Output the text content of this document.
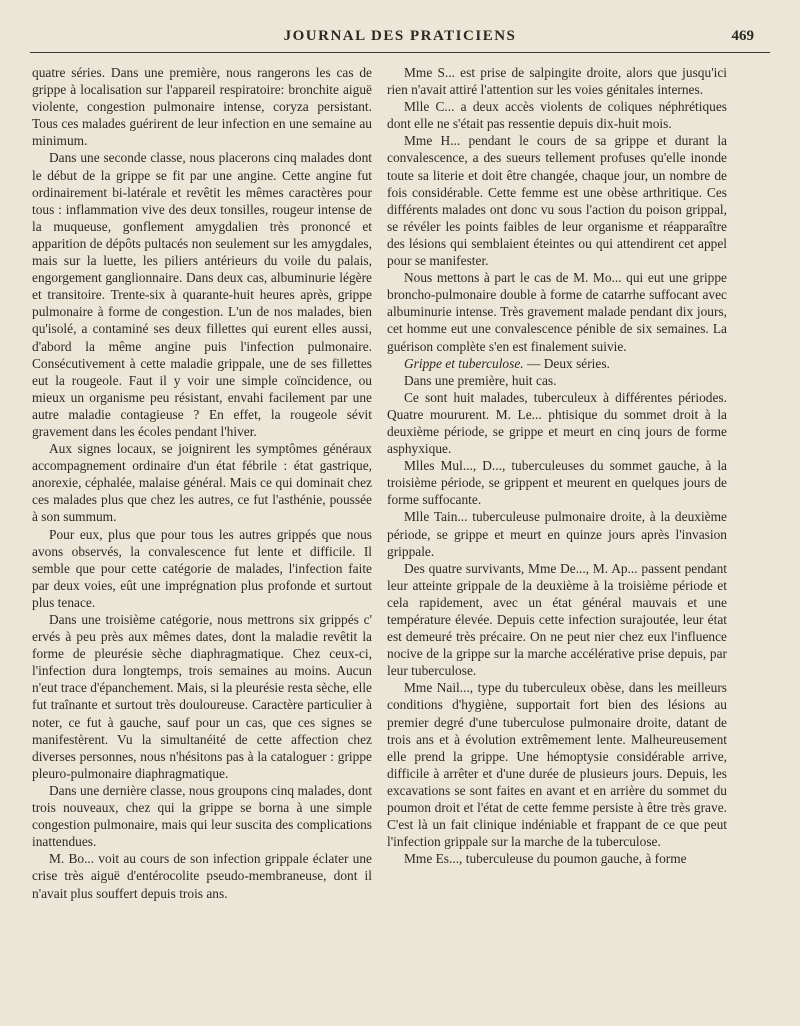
JOURNAL DES PRATICIENS	469

quatre séries. Dans une première, nous rangerons les cas de grippe à localisation sur l'appareil respiratoire: bronchite aiguë violente, congestion pulmonaire intense, coryza persistant. Tous ces malades guérirent de leur infection en une semaine au minimum.

Dans une seconde classe, nous placerons cinq malades dont le début de la grippe se fit par une angine. Cette angine fut ordinairement bi-latérale et revêtit les mêmes caractères pour tous : inflammation vive des deux tonsilles, rougeur intense de la muqueuse, gonflement amygdalien très prononcé et apparition de dépôts pultacés non seulement sur les amygdales, mais sur la luette, les piliers antérieurs du voile du palais, engorgement ganglionnaire. Dans deux cas, albuminurie légère et transitoire. Trente-six à quarante-huit heures après, grippe pulmonaire à forme de congestion. L'un de nos malades, bien qu'isolé, a contaminé ses deux fillettes qui eurent elles aussi, d'abord la même angine puis l'infection pulmonaire. Consécutivement à cette maladie grippale, une de ses fillettes eut la rougeole. Faut il y voir une simple coïncidence, ou mieux un organisme peu résistant, envahi facilement par une autre maladie contagieuse ? En effet, la rougeole sévit gravement dans les écoles pendant l'hiver.

Aux signes locaux, se joignirent les symptômes généraux accompagnement ordinaire d'un état fébrile : état gastrique, anorexie, céphalée, malaise général. Mais ce qui dominait chez ces malades plus que chez les autres, ce fut l'asthénie, poussée à son summum.

Pour eux, plus que pour tous les autres grippés que nous avons observés, la convalescence fut lente et difficile. Il semble que pour cette catégorie de malades, l'infection faite par deux voies, eût une imprégnation plus profonde et surtout plus tenace.

Dans une troisième catégorie, nous mettrons six grippés c' ervés à peu près aux mêmes dates, dont la maladie revêtit la forme de pleurésie sèche diaphragmatique. Chez ceux-ci, l'infection dura longtemps, trois semaines au moins. Aucun n'eut trace d'épanchement. Mais, si la pleurésie resta sèche, elle fut traînante et surtout très douloureuse. Caractère particulier à noter, ce fut à gauche, sauf pour un cas, que ces signes se manifestèrent. Vu la simultanéité de cette affection chez diverses personnes, nous n'hésitons pas à la cataloguer : grippe pleuro-pulmonaire diaphragmatique.

Dans une dernière classe, nous groupons cinq malades, dont trois nouveaux, chez qui la grippe se borna à une simple congestion pulmonaire, mais qui leur suscita des complications inattendues.

M. Bo... voit au cours de son infection grippale éclater une crise très aiguë d'entérocolite pseudo-membraneuse, dont il n'avait plus souffert depuis trois ans.

Mme S... est prise de salpingite droite, alors que jusqu'ici rien n'avait attiré l'attention sur les voies génitales internes.

Mlle C... a deux accès violents de coliques néphrétiques dont elle ne s'était pas ressentie depuis dix-huit mois.

Mme H... pendant le cours de sa grippe et durant la convalescence, a des sueurs tellement profuses qu'elle inonde toute sa literie et doit être changée, chaque jour, un nombre de fois considérable. Cette femme est une obèse arthritique. Ces différents malades ont donc vu sous l'action du poison grippal, se révéler les points faibles de leur organisme et réapparaître des lésions qui semblaient éteintes ou qui attendirent cet appel pour se manifester.

Nous mettons à part le cas de M. Mo... qui eut une grippe broncho-pulmonaire double à forme de catarrhe suffocant avec albuminurie intense. Très gravement malade pendant dix jours, cet homme eut une convalescence pénible de six semaines. La guérison complète s'en est finalement suivie.

Grippe et tuberculose. — Deux séries.

Dans une première, huit cas.

Ce sont huit malades, tuberculeux à différentes périodes. Quatre moururent. M. Le... phtisique du sommet droit à la deuxième période, se grippe et meurt en cinq jours de forme asphyxique.

Mlles Mul..., D..., tuberculeuses du sommet gauche, à la troisième période, se grippent et meurent en quelques jours de forme suffocante.

Mlle Tain... tuberculeuse pulmonaire droite, à la deuxième période, se grippe et meurt en quinze jours après l'invasion grippale.

Des quatre survivants, Mme De..., M. Ap... passent pendant leur atteinte grippale de la deuxième à la troisième période et cela rapidement, avec un état général mauvais et une température élevée. Depuis cette infection surajoutée, leur état est demeuré très précaire. On ne peut nier chez eux l'influence nocive de la grippe sur la marche accélérative prise depuis, par leur tuberculose.

Mme Nail..., type du tuberculeux obèse, dans les meilleurs conditions d'hygiène, supportait fort bien des lésions au premier degré d'une tuberculose pulmonaire droite, datant de trois ans et à évolution extrêmement lente. Malheureusement elle prend la grippe. Une hémoptysie considérable arrive, difficile à arrêter et d'une durée de plusieurs jours. Depuis, les excavations se sont faites en avant et en arrière du sommet du poumon droit et l'état de cette femme persiste à être très grave. C'est là un fait clinique indéniable et frappant de ce que peut l'infection grippale sur la marche de la tuberculose.

Mme Es..., tuberculeuse du poumon gauche, à forme
